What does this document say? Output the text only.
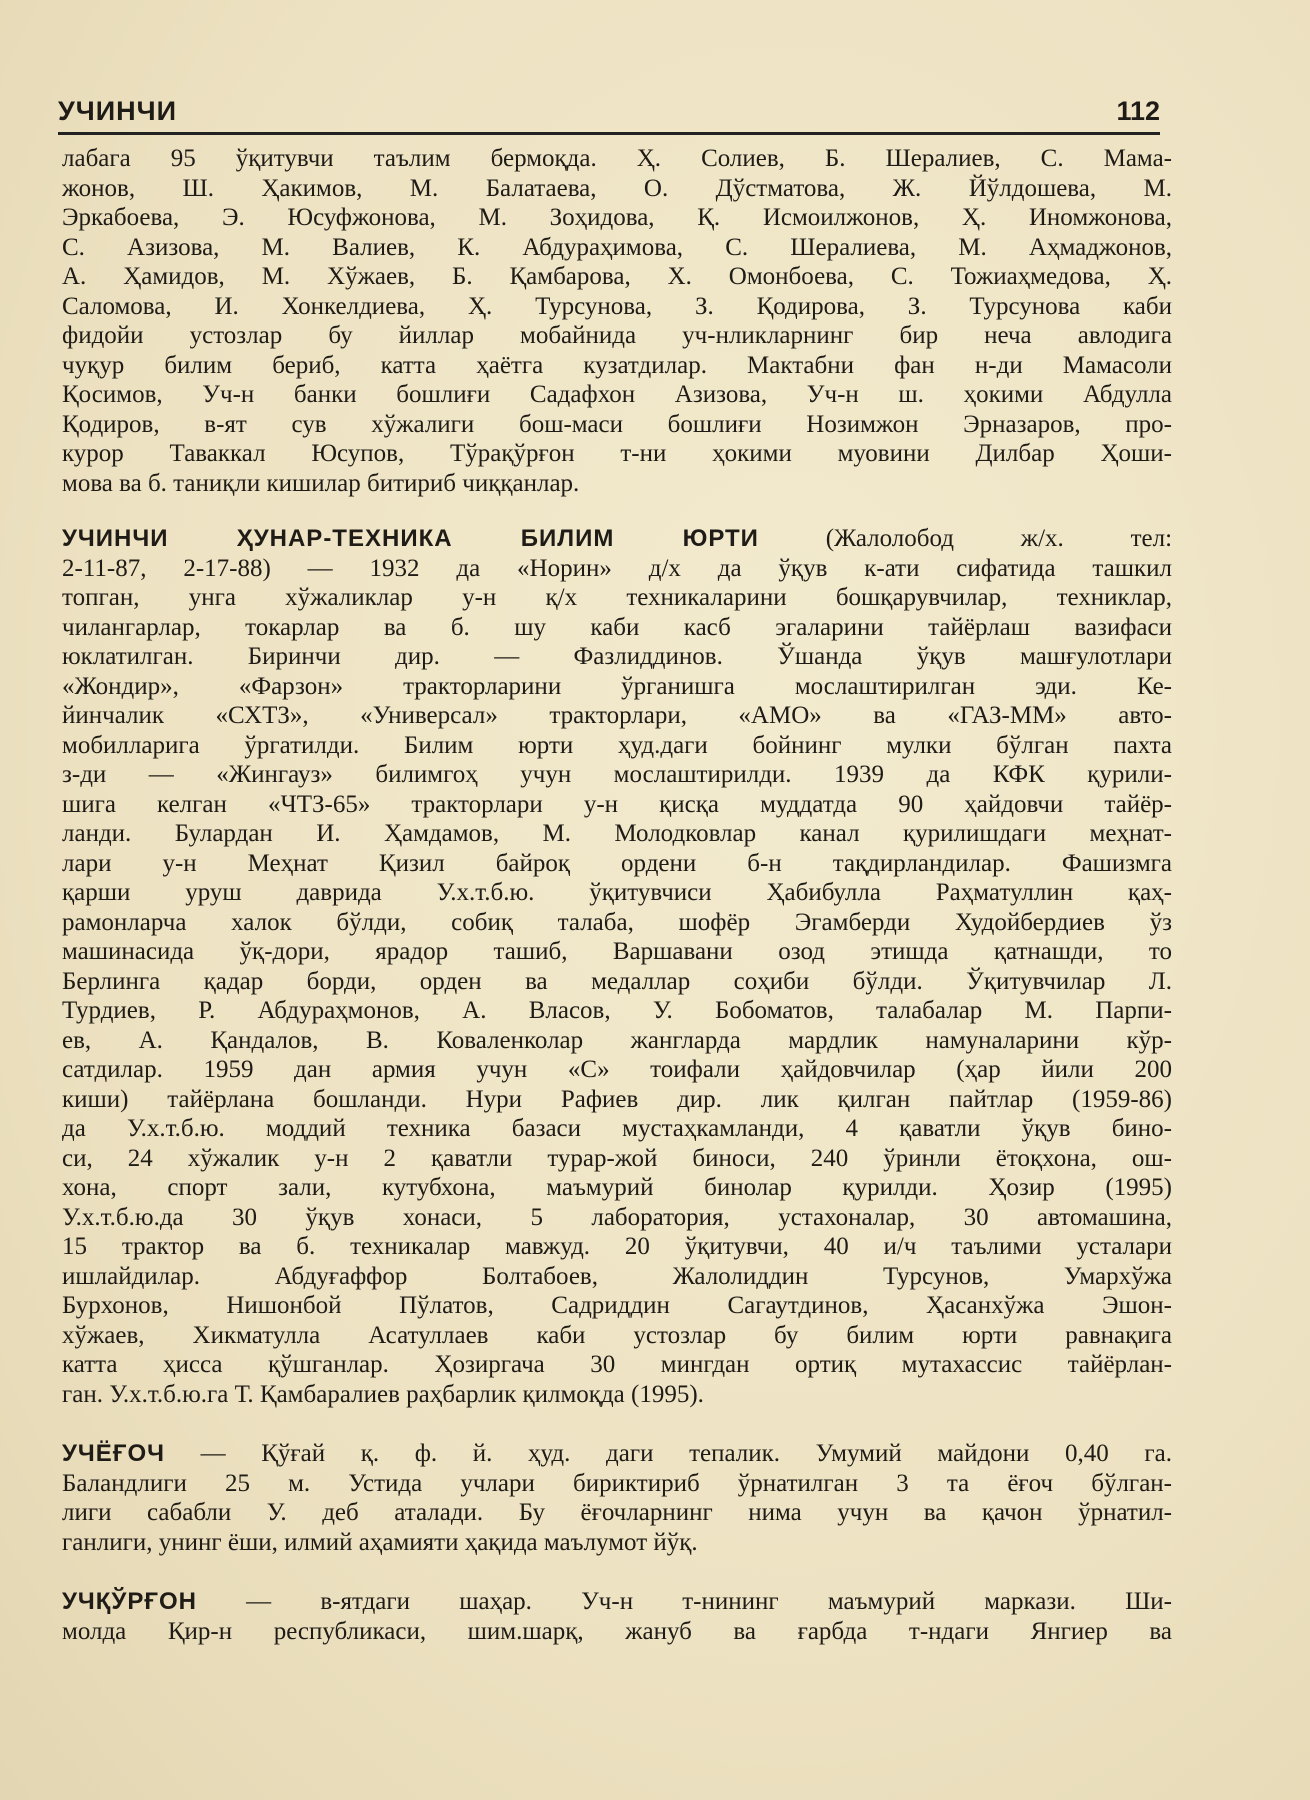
УЧИНЧИ	112
лабага 95 ўқитувчи таълим бермоқда. Ҳ. Солиев, Б. Шералиев, С. Мама-
жонов, Ш. Ҳакимов, М. Балатаева, О. Дўстматова, Ж. Йўлдошева, М.
Эркабоева, Э. Юсуфжонова, М. Зоҳидова, Қ. Исмоилжонов, Ҳ. Иномжонова,
С. Азизова, М. Валиев, К. Абдураҳимова, С. Шералиева, М. Аҳмаджонов,
А. Ҳамидов, М. Хўжаев, Б. Қамбарова, Х. Омонбоева, С. Тожиаҳмедова, Ҳ.
Саломова, И. Хонкелдиева, Ҳ. Турсунова, З. Қодирова, З. Турсунова каби
фидойи устозлар бу йиллар мобайнида уч-нликларнинг бир неча авлодига
чуқур билим бериб, катта ҳаётга кузатдилар. Мактабни фан н-ди Мамасоли
Қосимов, Уч-н банки бошлиғи Садафхон Азизова, Уч-н ш. ҳокими Абдулла
Қодиров, в-ят сув хўжалиги бош-маси бошлиғи Нозимжон Эрназаров, про-
курор Таваккал Юсупов, Тўрақўрғон т-ни ҳокими муовини Дилбар Ҳоши-
мова ва б. таниқли кишилар битириб чиққанлар.
УЧИНЧИ ҲУНАР-ТЕХНИКА БИЛИМ ЮРТИ	(Жалолобод ж/х. тел:
2-11-87, 2-17-88) — 1932 да «Норин» д/х да ўқув к-ати сифатида ташкил
топган, унга хўжаликлар у-н қ/х техникаларини бошқарувчилар, техниклар,
чилангарлар, токарлар ва б. шу каби касб эгаларини тайёрлаш вазифаси
юклатилган. Биринчи дир. — Фазлиддинов. Ўшанда ўқув машғулотлари
«Жондир», «Фарзон» тракторларини ўрганишга мослаштирилган эди. Ке-
йинчалик «СХТЗ», «Универсал» тракторлари, «АМО» ва «ГАЗ-ММ» авто-
мобилларига ўргатилди. Билим юрти ҳуд.даги бойнинг мулки бўлган пахта
з-ди — «Жингауз» билимгоҳ учун мослаштирилди. 1939 да КФК қурили-
шига келган «ЧТЗ-65» тракторлари у-н қисқа муддатда 90 ҳайдовчи тайёр-
ланди. Булардан И. Ҳамдамов, М. Молодковлар канал қурилишдаги меҳнат-
лари у-н Меҳнат Қизил байроқ ордени б-н тақдирландилар. Фашизмга
қарши уруш даврида У.х.т.б.ю. ўқитувчиси Ҳабибулла Раҳматуллин қаҳ-
рамонларча халок бўлди, собиқ талаба, шофёр Эгамберди Худойбердиев ўз
машинасида ўқ-дори, ярадор ташиб, Варшавани озод этишда қатнашди, то
Берлинга қадар борди, орден ва медаллар соҳиби бўлди. Ўқитувчилар Л.
Турдиев, Р. Абдураҳмонов, А. Власов, У. Бобоматов, талабалар М. Парпи-
ев, А. Қандалов, В. Коваленколар жангларда мардлик намуналарини кўр-
сатдилар. 1959 дан армия учун «С» тоифали ҳайдовчилар (ҳар йили 200
киши) тайёрлана бошланди. Нури Рафиев дир. лик қилган пайтлар (1959-86)
да У.х.т.б.ю. моддий техника базаси мустаҳкамланди, 4 қаватли ўқув бино-
си, 24 хўжалик у-н 2 қаватли турар-жой биноси, 240 ўринли ётоқхона, ош-
хона, спорт зали, кутубхона, маъмурий бинолар қурилди. Ҳозир (1995)
У.х.т.б.ю.да 30 ўқув хонаси, 5 лаборатория, устахоналар, 30 автомашина,
15 трактор ва б. техникалар мавжуд. 20 ўқитувчи, 40 и/ч таълими усталари
ишлайдилар. Абдуғаффор Болтабоев, Жалолиддин Турсунов, Умархўжа
Бурхонов, Нишонбой Пўлатов, Садриддин Сагаутдинов, Ҳасанхўжа Эшон-
хўжаев, Хикматулла Асатуллаев каби устозлар бу билим юрти равнақига
катта ҳисса қўшганлар. Ҳозиргача 30 мингдан ортиқ мутахассис тайёрлан-
ган. У.х.т.б.ю.га Т. Қамбаралиев раҳбарлик қилмоқда (1995).
УЧЁҒОЧ — Қўғай қ. ф. й. ҳуд. даги тепалик. Умумий майдони 0,40 га.
Баландлиги 25 м. Устида учлари бириктириб ўрнатилган 3 та ёғоч бўлган-
лиги сабабли У. деб аталади. Бу ёғочларнинг нима учун ва қачон ўрнатил-
ганлиги, унинг ёши, илмий аҳамияти ҳақида маълумот йўқ.
УЧҚЎРҒОН — в-ятдаги шаҳар. Уч-н т-нининг маъмурий маркази. Ши-
молда Қир-н республикаси, шим.шарқ, жануб ва ғарбда т-ндаги Янгиер ва
